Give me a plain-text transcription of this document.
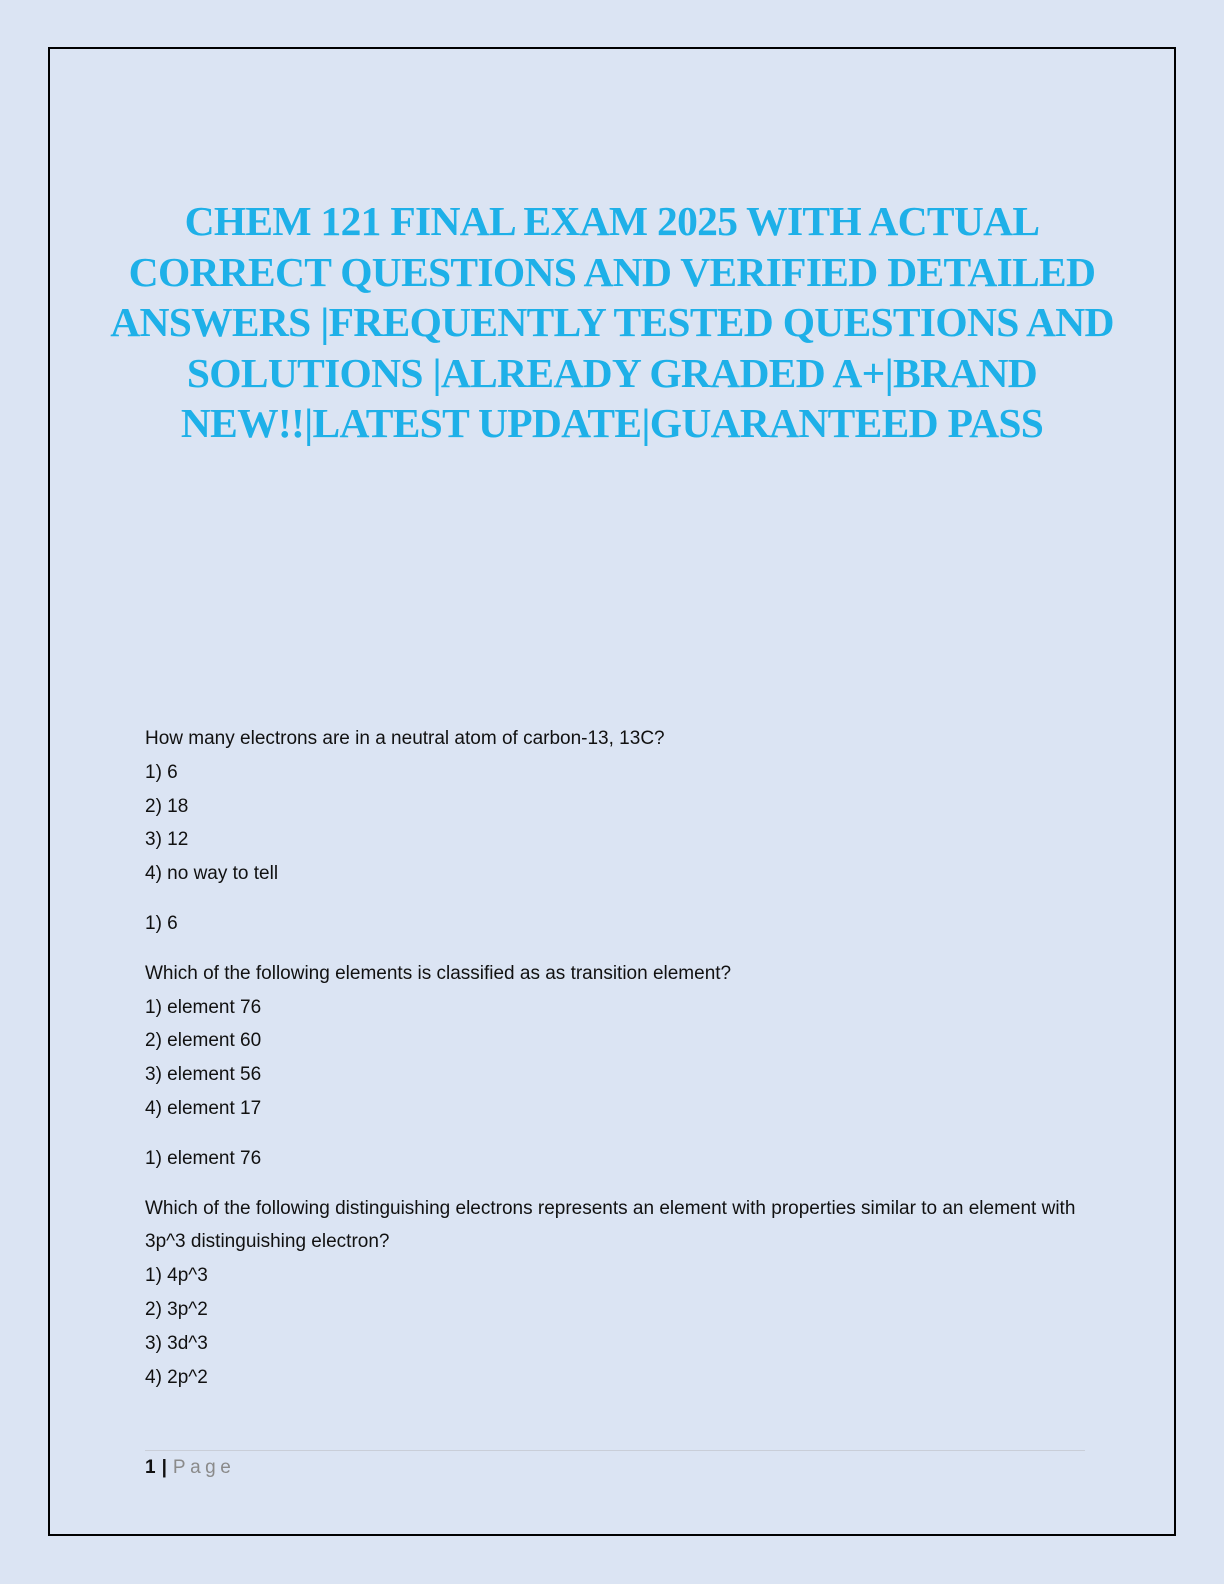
CHEM 121 FINAL EXAM 2025 WITH ACTUAL CORRECT QUESTIONS AND VERIFIED DETAILED ANSWERS |FREQUENTLY TESTED QUESTIONS AND SOLUTIONS |ALREADY GRADED A+|BRAND NEW!!|LATEST UPDATE|GUARANTEED PASS

How many electrons are in a neutral atom of carbon-13, 13C?

1) 6

2) 18

3) 12

4) no way to tell

1) 6

Which of the following elements is classified as as transition element?

1) element 76

2) element 60

3) element 56

4) element 17

1) element 76

Which of the following distinguishing electrons represents an element with properties similar to an element with 3p^3 distinguishing electron?

1) 4p^3

2) 3p^2

3) 3d^3

4) 2p^2

1 | Page
